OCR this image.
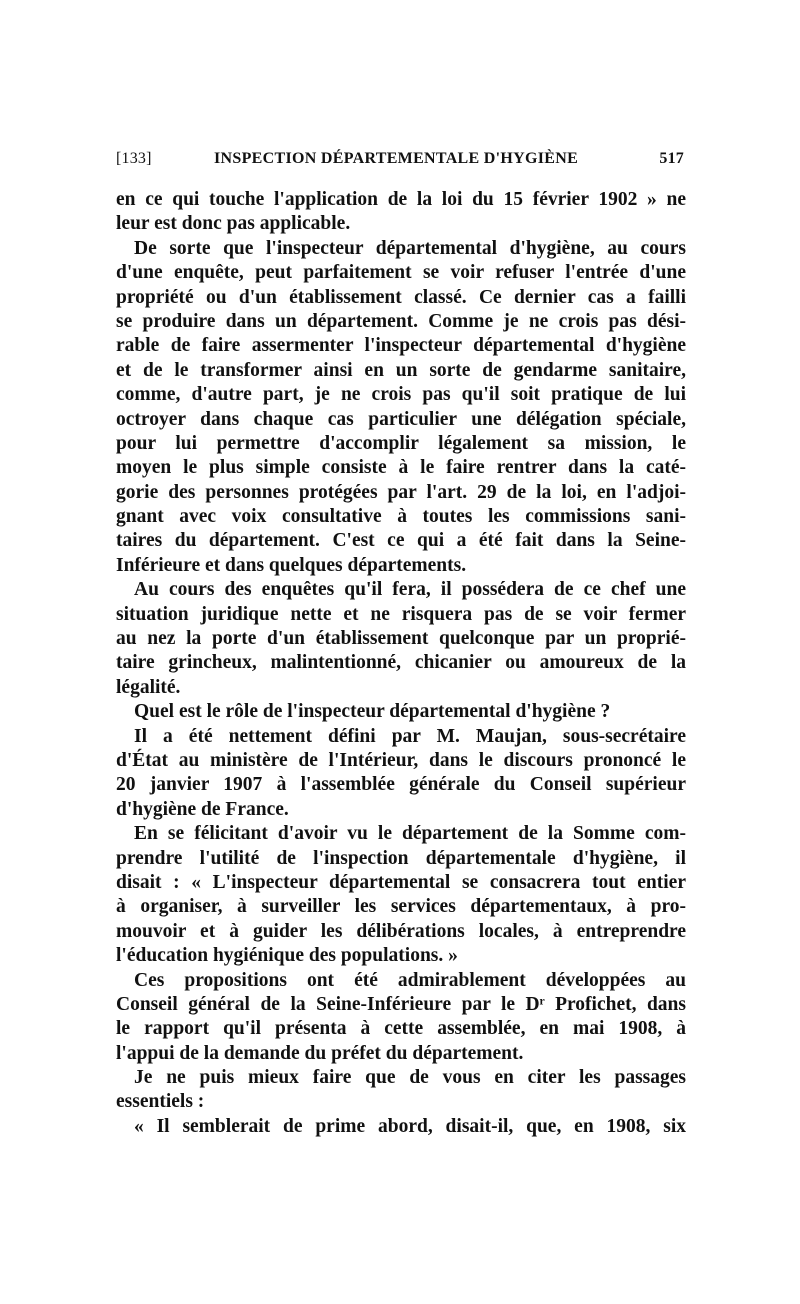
[133]	INSPECTION DÉPARTEMENTALE D'HYGIÈNE	517
en ce qui touche l'application de la loi du 15 février 1902 » ne
leur est donc pas applicable.
De sorte que l'inspecteur départemental d'hygiène, au cours
d'une enquête, peut parfaitement se voir refuser l'entrée d'une
propriété ou d'un établissement classé. Ce dernier cas a failli
se produire dans un département. Comme je ne crois pas dési-
rable de faire assermenter l'inspecteur départemental d'hygiène
et de le transformer ainsi en un sorte de gendarme sanitaire,
comme, d'autre part, je ne crois pas qu'il soit pratique de lui
octroyer dans chaque cas particulier une délégation spéciale,
pour lui permettre d'accomplir légalement sa mission, le
moyen le plus simple consiste à le faire rentrer dans la caté-
gorie des personnes protégées par l'art. 29 de la loi, en l'adjoi-
gnant avec voix consultative à toutes les commissions sani-
taires du département. C'est ce qui a été fait dans la Seine-
Inférieure et dans quelques départements.
Au cours des enquêtes qu'il fera, il possédera de ce chef une
situation juridique nette et ne risquera pas de se voir fermer
au nez la porte d'un établissement quelconque par un proprié-
taire grincheux, malintentionné, chicanier ou amoureux de la
légalité.
Quel est le rôle de l'inspecteur départemental d'hygiène ?
Il a été nettement défini par M. Maujan, sous-secrétaire
d'État au ministère de l'Intérieur, dans le discours prononcé le
20 janvier 1907 à l'assemblée générale du Conseil supérieur
d'hygiène de France.
En se félicitant d'avoir vu le département de la Somme com-
prendre l'utilité de l'inspection départementale d'hygiène, il
disait : « L'inspecteur départemental se consacrera tout entier
à organiser, à surveiller les services départementaux, à pro-
mouvoir et à guider les délibérations locales, à entreprendre
l'éducation hygiénique des populations. »
Ces propositions ont été admirablement développées au
Conseil général de la Seine-Inférieure par le Dʳ Profichet, dans
le rapport qu'il présenta à cette assemblée, en mai 1908, à
l'appui de la demande du préfet du département.
Je ne puis mieux faire que de vous en citer les passages
essentiels :
« Il semblerait de prime abord, disait-il, que, en 1908, six
